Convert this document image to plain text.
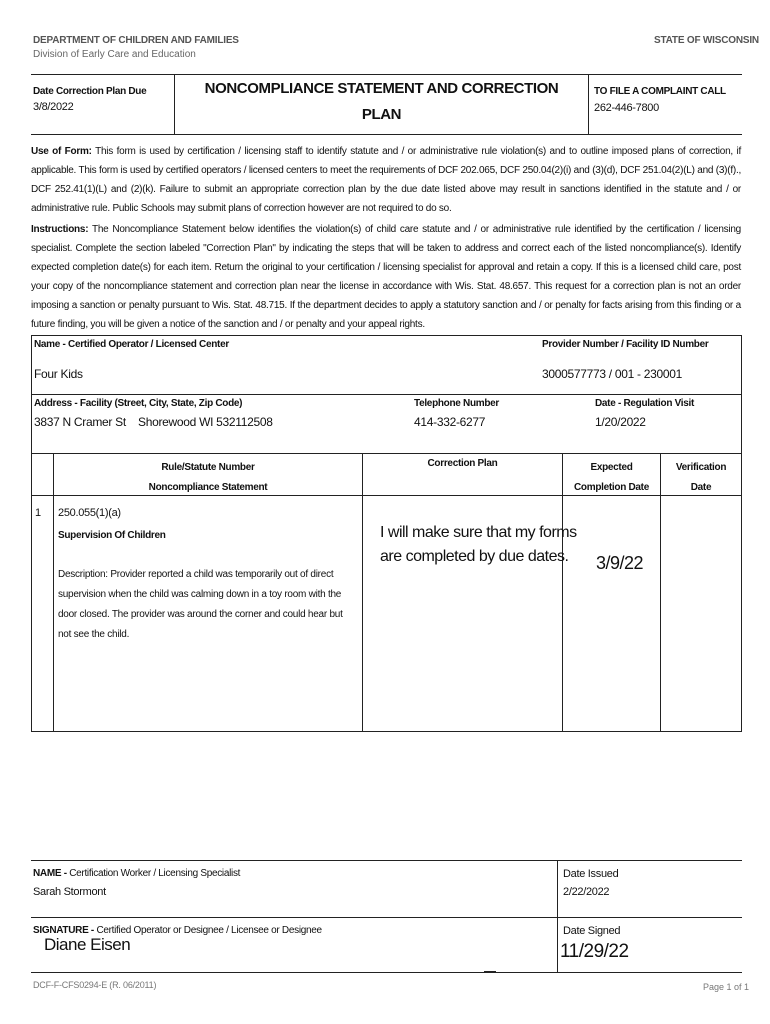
DEPARTMENT OF CHILDREN AND FAMILIES
Division of Early Care and Education
STATE OF WISCONSIN
Date Correction Plan Due
3/8/2022
NONCOMPLIANCE STATEMENT AND CORRECTION
PLAN
TO FILE A COMPLAINT CALL
262-446-7800
Use of Form: This form is used by certification / licensing staff to identify statute and / or administrative rule violation(s) and to outline imposed plans of correction, if applicable. This form is used by certified operators / licensed centers to meet the requirements of DCF 202.065, DCF 250.04(2)(i) and (3)(d), DCF 251.04(2)(L) and (3)(f)., DCF 252.41(1)(L) and (2)(k). Failure to submit an appropriate correction plan by the due date listed above may result in sanctions identified in the statute and / or administrative rule. Public Schools may submit plans of correction however are not required to do so.
Instructions: The Noncompliance Statement below identifies the violation(s) of child care statute and / or administrative rule identified by the certification / licensing specialist. Complete the section labeled "Correction Plan" by indicating the steps that will be taken to address and correct each of the listed noncompliance(s). Identify expected completion date(s) for each item. Return the original to your certification / licensing specialist for approval and retain a copy. If this is a licensed child care, post your copy of the noncompliance statement and correction plan near the license in accordance with Wis. Stat. 48.657. This request for a correction plan is not an order imposing a sanction or penalty pursuant to Wis. Stat. 48.715. If the department decides to apply a statutory sanction and / or penalty for facts arising from this finding or a future finding, you will be given a notice of the sanction and / or penalty and your appeal rights.
Name - Certified Operator / Licensed Center	Provider Number / Facility ID Number
Four Kids	3000577773 / 001 - 230001
Address - Facility (Street, City, State, Zip Code)	Telephone Number	Date - Regulation Visit
3837 N Cramer St    Shorewood WI 532112508	414-332-6277	1/20/2022
Rule/Statute Number
Noncompliance Statement
Correction Plan	Expected
Completion Date
Verification
Date
1 250.055(1)(a)
Supervision Of Children
Description: Provider reported a child was temporarily out of direct supervision when the child was calming down in a toy room with the door closed. The provider was around the corner and could hear but not see the child.
I will make sure that my forms
are completed by due dates.	3/9/22
NAME - Certification Worker / Licensing Specialist
Sarah Stormont
Date Issued
2/22/2022
SIGNATURE - Certified Operator or Designee / Licensee or Designee
Diane Eisen
Date Signed
11/29/22
DCF-F-CFS0294-E (R. 06/2011)	Page 1 of 1
